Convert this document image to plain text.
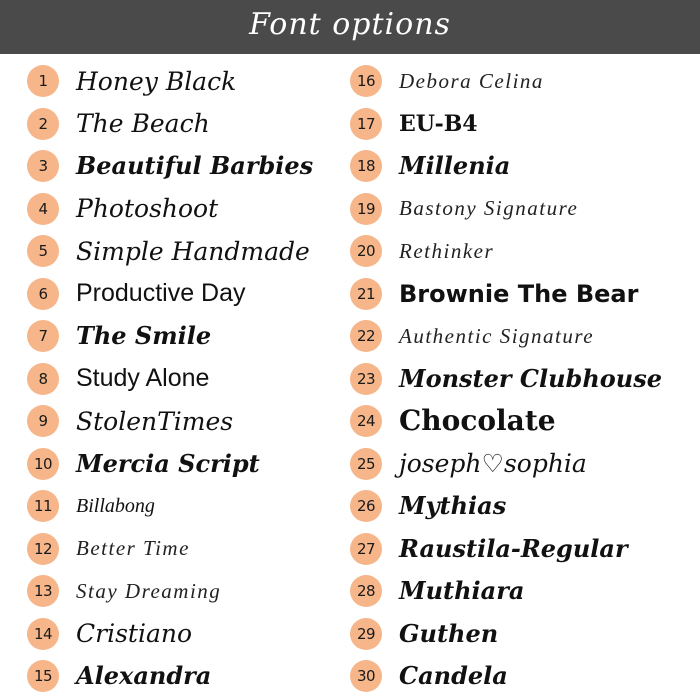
Font options
1	Honey Black
2	The Beach
3	Beautiful Barbies
4	Photoshoot
5	Simple Handmade
6	Productive Day
7	The Smile
8	Study Alone
9	StolenTimes
10 Mercia Script
11	Billabong
12	Better Time
13	Stay Dreaming
14 Cristiano
15 Alexandra
16	Debora Celina
17	EU-B4
18 Millenia
19	Bastony Signature
20	Rethinker
21 Brownie The Bear
22	Authentic Signature
23 Monster Clubhouse
24 Chocolate
25 joseph♡sophia
26 Mythias
27 Raustila-Regular
28 Muthiara
29 Guthen
30 Candela
